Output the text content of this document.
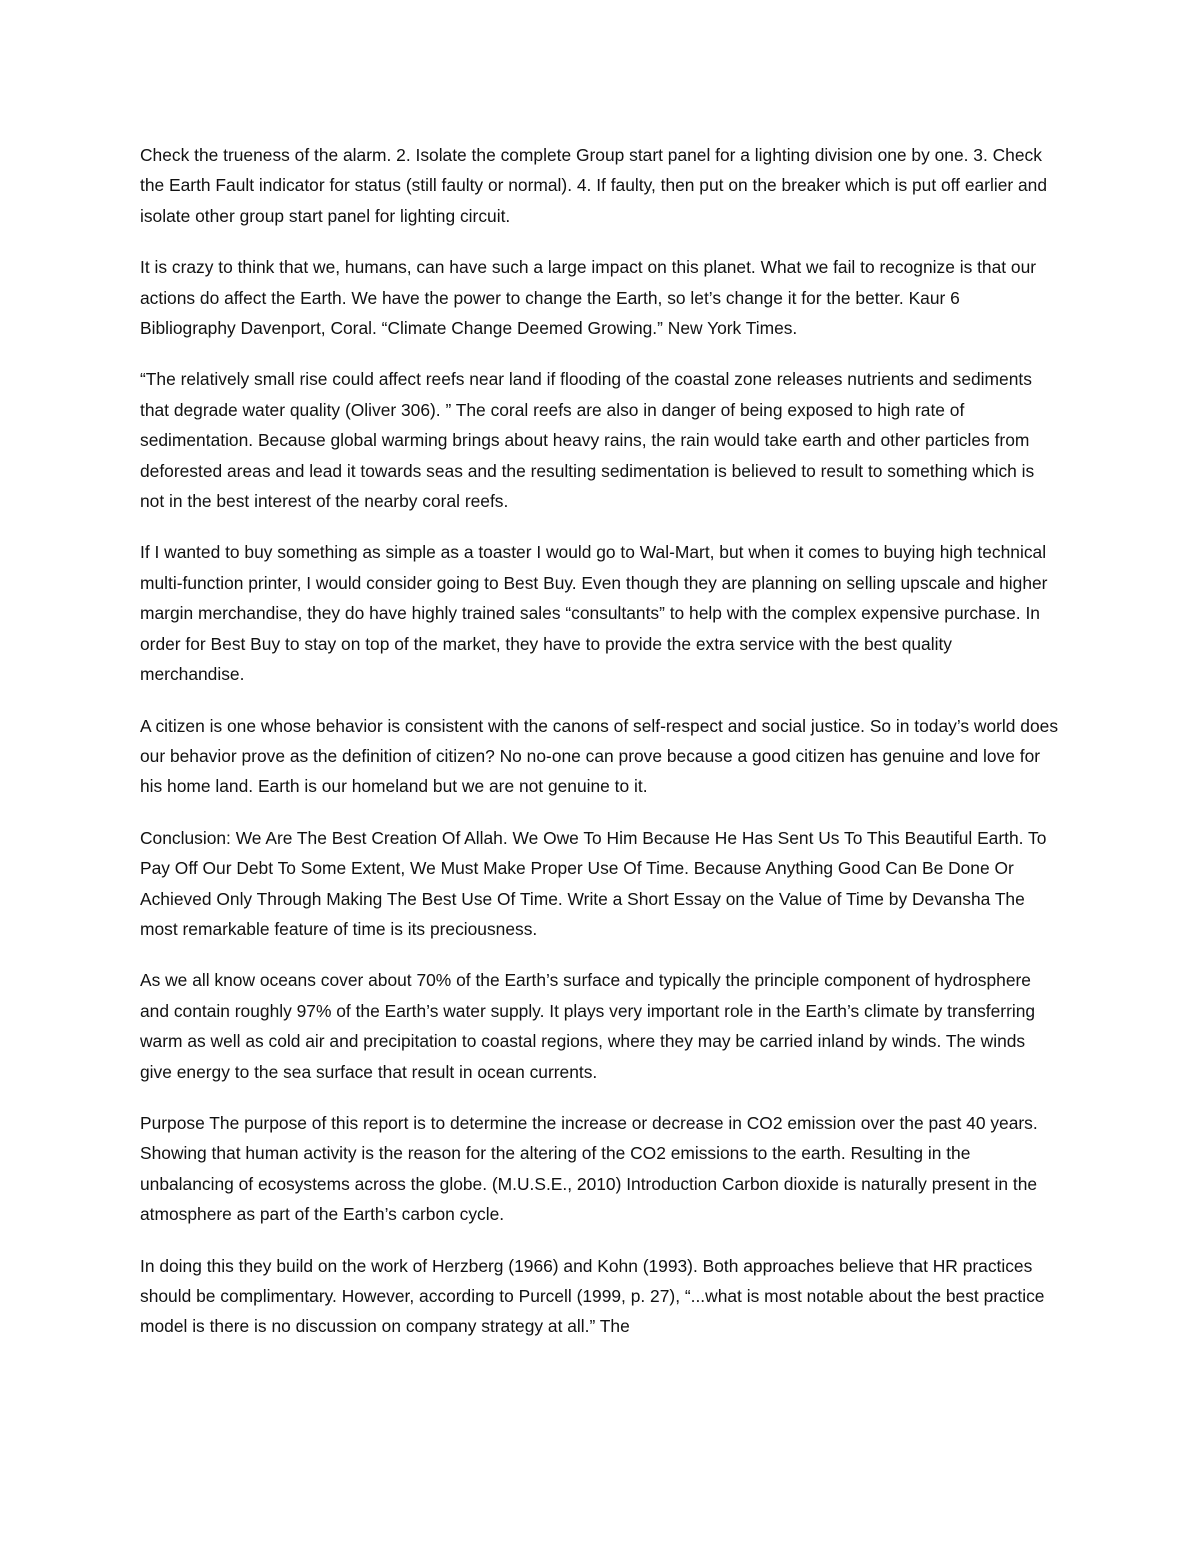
Check the trueness of the alarm. 2. Isolate the complete Group start panel for a lighting division one by one. 3. Check the Earth Fault indicator for status (still faulty or normal). 4. If faulty, then put on the breaker which is put off earlier and isolate other group start panel for lighting circuit.

It is crazy to think that we, humans, can have such a large impact on this planet. What we fail to recognize is that our actions do affect the Earth. We have the power to change the Earth, so let’s change it for the better. Kaur 6 Bibliography Davenport, Coral. “Climate Change Deemed Growing.” New York Times.

“The relatively small rise could affect reefs near land if flooding of the coastal zone releases nutrients and sediments that degrade water quality (Oliver 306). ” The coral reefs are also in danger of being exposed to high rate of sedimentation. Because global warming brings about heavy rains, the rain would take earth and other particles from deforested areas and lead it towards seas and the resulting sedimentation is believed to result to something which is not in the best interest of the nearby coral reefs.

If I wanted to buy something as simple as a toaster I would go to Wal-Mart, but when it comes to buying high technical multi-function printer, I would consider going to Best Buy. Even though they are planning on selling upscale and higher margin merchandise, they do have highly trained sales “consultants” to help with the complex expensive purchase. In order for Best Buy to stay on top of the market, they have to provide the extra service with the best quality merchandise.

A citizen is one whose behavior is consistent with the canons of self-respect and social justice. So in today’s world does our behavior prove as the definition of citizen? No no-one can prove because a good citizen has genuine and love for his home land. Earth is our homeland but we are not genuine to it.

Conclusion: We Are The Best Creation Of Allah. We Owe To Him Because He Has Sent Us To This Beautiful Earth. To Pay Off Our Debt To Some Extent, We Must Make Proper Use Of Time. Because Anything Good Can Be Done Or Achieved Only Through Making The Best Use Of Time. Write a Short Essay on the Value of Time by Devansha The most remarkable feature of time is its preciousness.

As we all know oceans cover about 70% of the Earth’s surface and typically the principle component of hydrosphere and contain roughly 97% of the Earth’s water supply. It plays very important role in the Earth’s climate by transferring warm as well as cold air and precipitation to coastal regions, where they may be carried inland by winds. The winds give energy to the sea surface that result in ocean currents.

Purpose The purpose of this report is to determine the increase or decrease in CO2 emission over the past 40 years. Showing that human activity is the reason for the altering of the CO2 emissions to the earth. Resulting in the unbalancing of ecosystems across the globe. (M.U.S.E., 2010) Introduction Carbon dioxide is naturally present in the atmosphere as part of the Earth’s carbon cycle.

In doing this they build on the work of Herzberg (1966) and Kohn (1993). Both approaches believe that HR practices should be complimentary. However, according to Purcell (1999, p. 27), “...what is most notable about the best practice model is there is no discussion on company strategy at all.” The
